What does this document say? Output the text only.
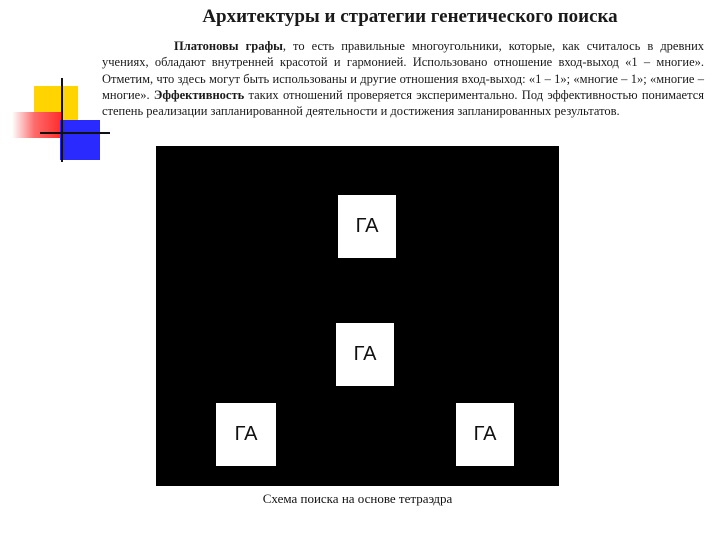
Архитектуры и стратегии генетического поиска
Платоновы графы, то есть правильные многоугольники, которые, как считалось в древних учениях, обладают внутренней красотой и гармонией. Использовано отношение вход-выход «1 – многие». Отметим, что здесь могут быть использованы и другие отношения вход-выход: «1 – 1»; «многие – 1»; «многие – многие». Эффективность таких отношений проверяется экспериментально. Под эффективностью понимается степень реализации запланированной деятельности и достижения запланированных результатов.
ГА
ГА
ГА	ГА
Схема поиска на основе тетраэдра
